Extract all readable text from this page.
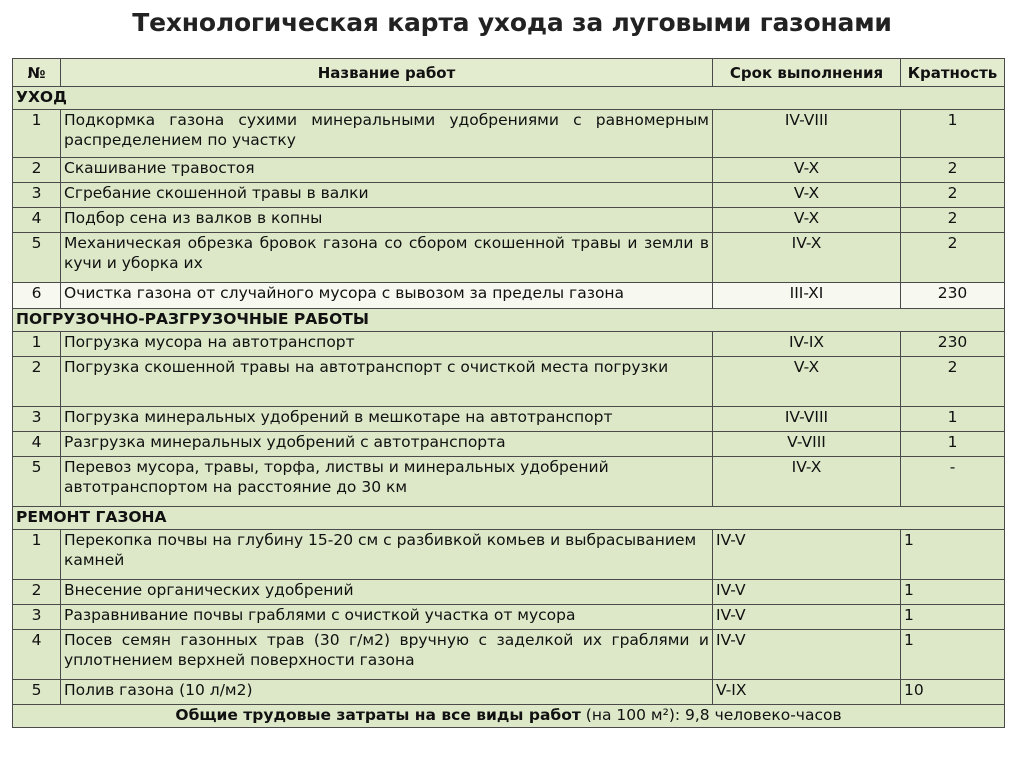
Технологическая карта ухода за луговыми газонами
№	Название работ	Срок выполнения	Кратность
УХОД			
1	Подкормка газона сухими минеральными удобрениями с равномерным распределением по участку	IV-VIII	1
2	Скашивание травостоя	V-X	2
3	Сгребание скошенной травы в валки	V-X	2
4	Подбор сена из валков в копны	V-X	2
5	Механическая обрезка бровок газона со сбором скошенной травы и земли в кучи и уборка их	IV-X	2
6	Очистка газона от случайного мусора с вывозом за пределы газона	III-XI	230
ПОГРУЗОЧНО-РАЗГРУЗОЧНЫЕ РАБОТЫ			
1	Погрузка мусора на автотранспорт	IV-IX	230
2	Погрузка скошенной травы на автотранспорт с очисткой места погрузки	V-X	2
3	Погрузка минеральных удобрений в мешкотаре на автотранспорт	IV-VIII	1
4	Разгрузка минеральных удобрений с автотранспорта	V-VIII	1
5	Перевоз мусора, травы, торфа, листвы и минеральных удобрений автотранспортом на расстояние до 30 км	IV-X	-
РЕМОНТ ГАЗОНА			
1	Перекопка почвы на глубину 15-20 см с разбивкой комьев и выбрасыванием камней	IV-V	1
2	Внесение органических удобрений	IV-V	1
3	Разравнивание почвы граблями с очисткой участка от мусора	IV-V	1
4	Посев семян газонных трав (30 г/м2) вручную с заделкой их граблями и уплотнением верхней поверхности газона	IV-V	1
5	Полив газона (10 л/м2)	V-IX	10
Общие трудовые затраты на все виды работ (на 100 м²): 9,8 человеко-часов			
